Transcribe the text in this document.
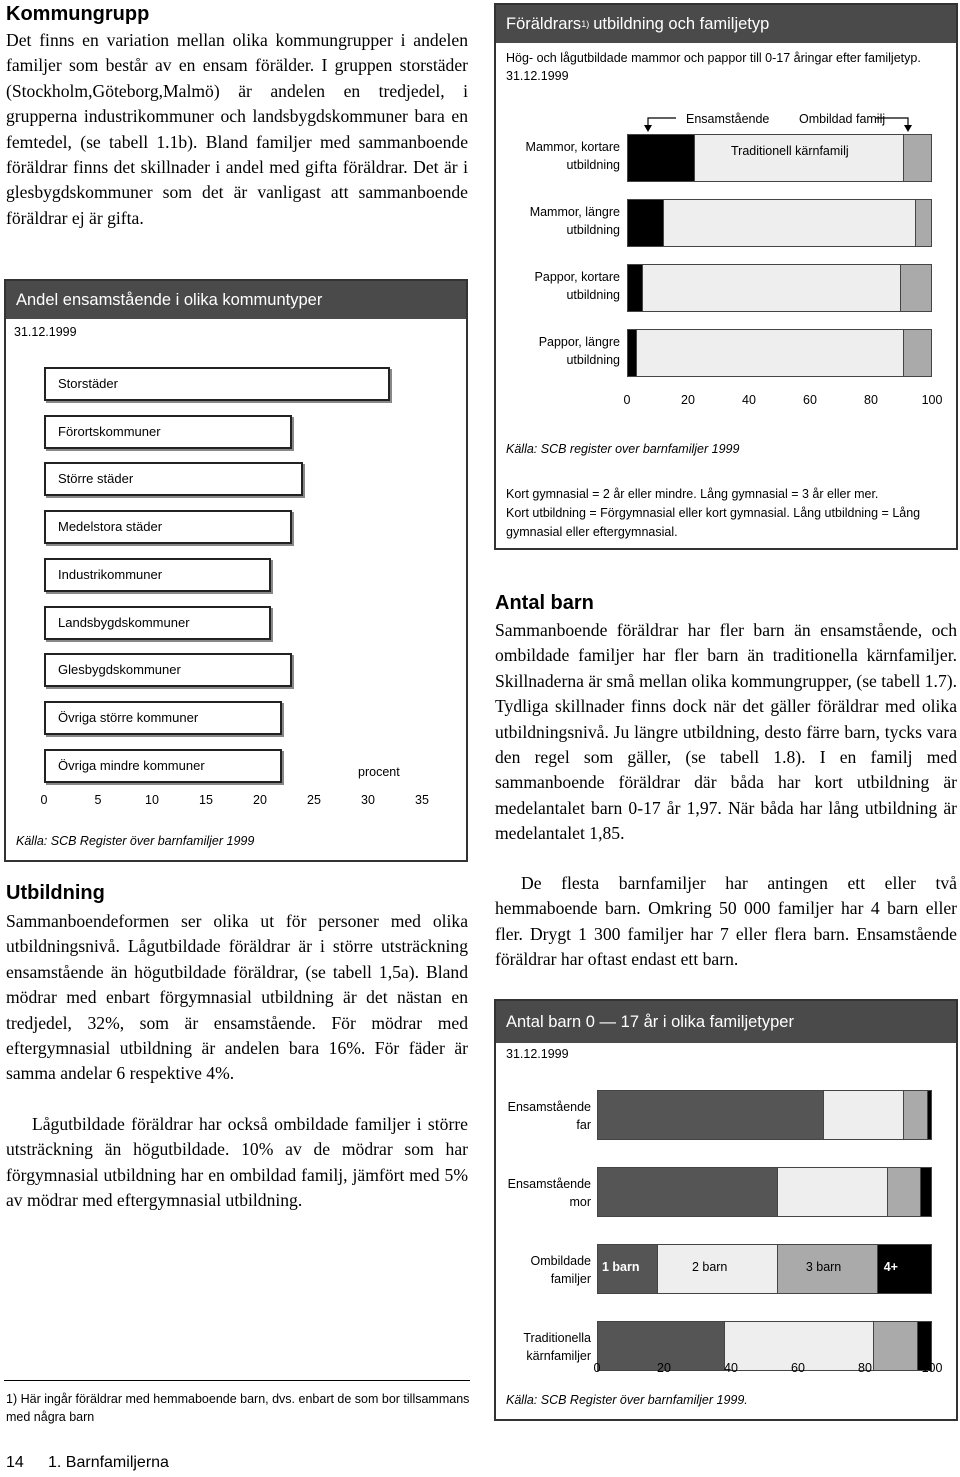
Kommungrupp

Det finns en variation mellan olika kommungrupper i andelen familjer som består av en ensam förälder. I gruppen storstäder (Stockholm,Göteborg,Malmö) är andelen en tredjedel, i grupperna industrikommuner och landsbygdskommuner bara en femtedel, (se tabell 1.1b). Bland familjer med sammanboende föräldrar finns det skillnader i andel med gifta föräldrar. Det är i glesbygdskommuner som det är vanligast att sammanboende föräldrar ej är gifta.

Andel ensamstående i olika kommuntyper
31.12.1999
Storstäder
Förortskommuner
Större städer
Medelstora städer
Industrikommuner
Landsbygdskommuner
Glesbygdskommuner
Övriga större kommuner
Övriga mindre kommuner	procent
0	5	10	15	20	25	30	35
Källa: SCB Register över barnfamiljer 1999
Utbildning

Sammanboendeformen ser olika ut för personer med olika utbildningsnivå. Lågutbildade föräldrar är i större utsträckning ensamstående än högutbildade föräldrar, (se tabell 1,5a). Bland mödrar med enbart förgymnasial utbildning är det nästan en tredjedel, 32%, som är ensamstående. För mödrar med eftergymnasial utbildning är andelen bara 16%. För fäder är samma andelar 6 respektive 4%.

Lågutbildade föräldrar har också ombildade familjer i större utsträckning än högutbildade. 10% av de mödrar som har förgymnasial utbildning har en ombildad familj, jämfört med 5% av mödrar med eftergymnasial utbildning.

1) Här ingår föräldrar med hemmaboende barn, dvs. enbart de som bor tillsammans med några barn
14 1. Barnfamiljerna
Föräldrars 1) utbildning och familjetyp
Hög- och lågutbildade mammor och pappor till 0-17 åringar efter familjetyp. 31.12.1999
Ensamstående Ombildad familj
Mammor, kortare
utbildning
Mammor, längre
utbildning
Pappor, kortare
utbildning
Pappor, längre
utbildning
Traditionell kärnfamilj
0	20	40	60	80	100
Källa: SCB register over barnfamiljer 1999
Kort gymnasial = 2 år eller mindre. Lång gymnasial = 3 år eller mer.
Kort utbildning = Förgymnasial eller kort gymnasial. Lång utbildning = Lång gymnasial eller eftergymnasial.
Antal barn

Sammanboende föräldrar har fler barn än ensamstående, och ombildade familjer har fler barn än traditionella kärnfamiljer. Skillnaderna är små mellan olika kommungrupper, (se tabell 1.7). Tydliga skillnader finns dock när det gäller föräldrar med olika utbildningsnivå. Ju längre utbildning, desto färre barn, tycks vara den regel som gäller, (se tabell 1.8). I en familj med sammanboende föräldrar där båda har kort utbildning är medelantalet barn 0-17 år 1,97. När båda har lång utbildning är medelantalet 1,85.

De flesta barnfamiljer har antingen ett eller två hemmaboende barn. Omkring 50 000 familjer har 4 barn eller fler. Drygt 1 300 familjer har 7 eller flera barn. Ensamstående föräldrar har oftast endast ett barn.

Antal barn 0 — 17 år i olika familjetyper
31.12.1999
Ensamstående
far
Ensamstående
mor
Ombildade
familjer
1 barn	2 barn	3 barn	4+
Traditionella
kärnfamiljer
0	20	40	60	80	100
Källa: SCB Register över barnfamiljer 1999.
